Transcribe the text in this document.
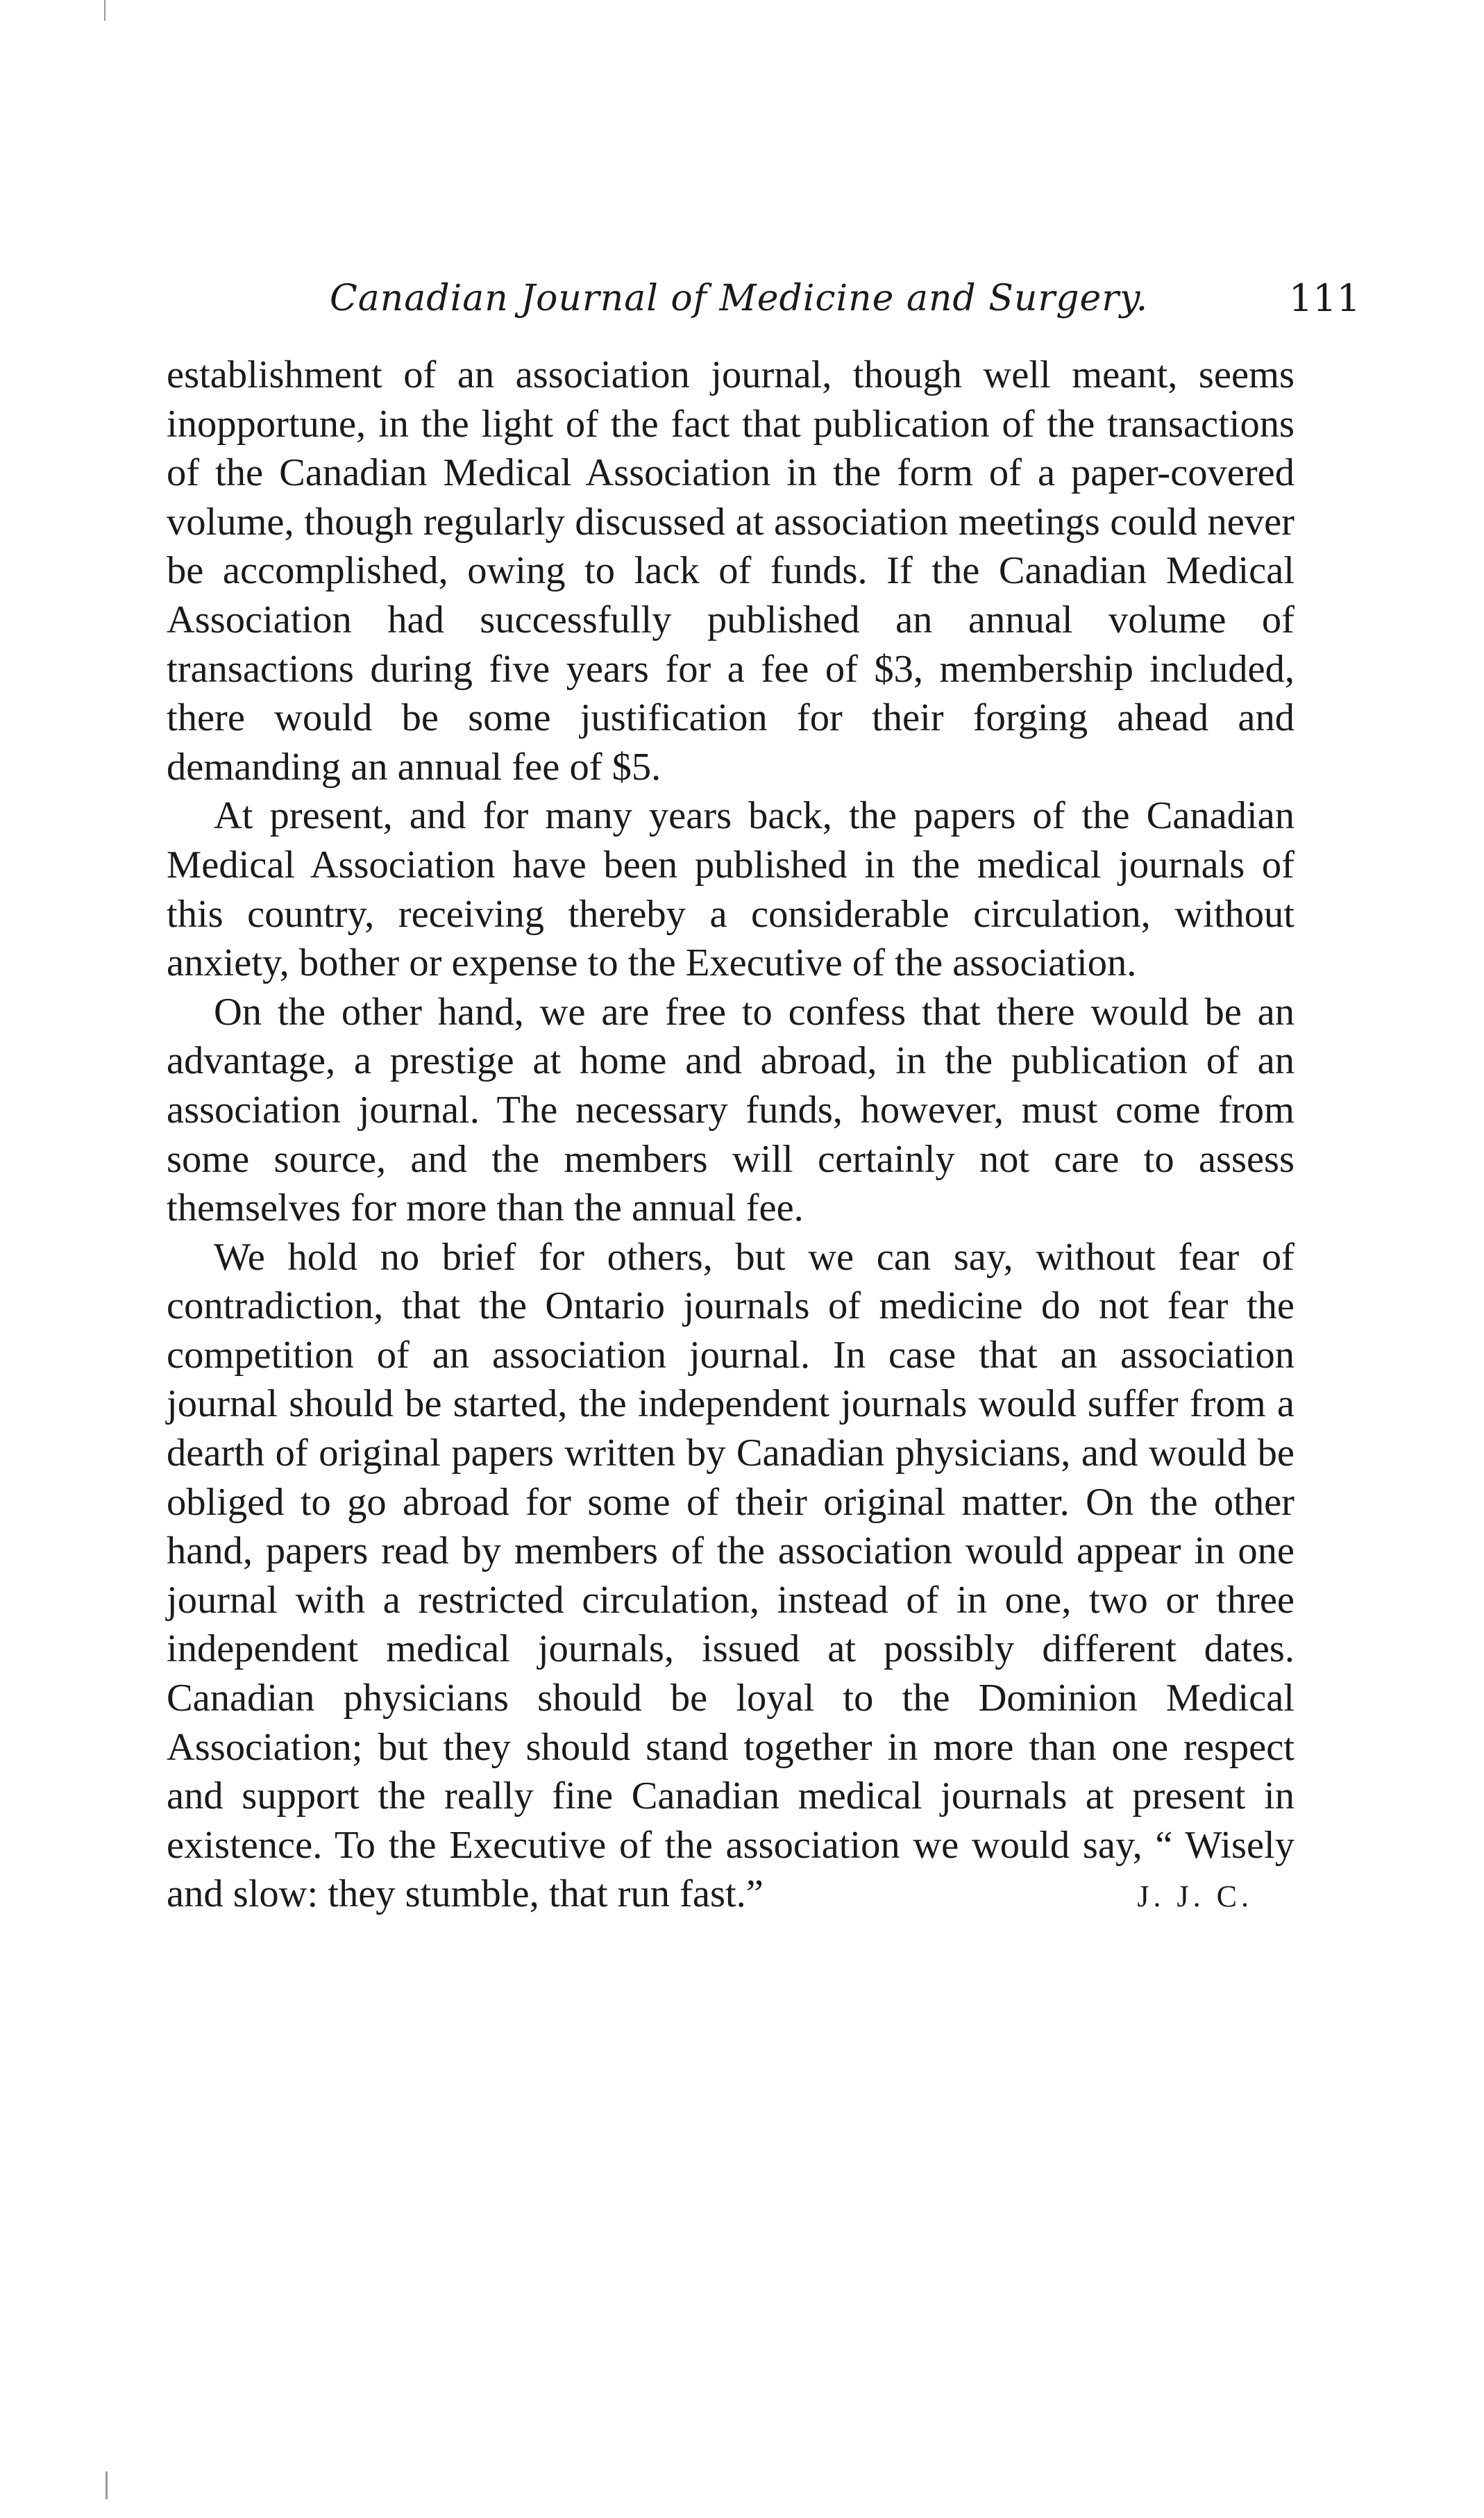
Canadian Journal of Medicine and Surgery.	111

establishment of an association journal, though well meant, seems inopportune, in the light of the fact that publication of the transactions of the Canadian Medical Association in the form of a paper-covered volume, though regularly discussed at association meetings could never be accomplished, owing to lack of funds. If the Canadian Medical Association had successfully published an annual volume of transactions during five years for a fee of $3, membership included, there would be some justification for their forging ahead and demanding an annual fee of $5.

At present, and for many years back, the papers of the Canadian Medical Association have been published in the medical journals of this country, receiving thereby a considerable circulation, without anxiety, bother or expense to the Executive of the association.

On the other hand, we are free to confess that there would be an advantage, a prestige at home and abroad, in the publication of an association journal. The necessary funds, however, must come from some source, and the members will certainly not care to assess themselves for more than the annual fee.

We hold no brief for others, but we can say, without fear of contradiction, that the Ontario journals of medicine do not fear the competition of an association journal. In case that an association journal should be started, the independent journals would suffer from a dearth of original papers written by Canadian physicians, and would be obliged to go abroad for some of their original matter. On the other hand, papers read by members of the association would appear in one journal with a restricted circulation, instead of in one, two or three independent medical journals, issued at possibly different dates. Canadian physicians should be loyal to the Dominion Medical Association; but they should stand together in more than one respect and support the really fine Canadian medical journals at present in existence. To the Executive of the association we would say, “ Wisely and slow: they stumble, that run fast.”	J. J. C.
